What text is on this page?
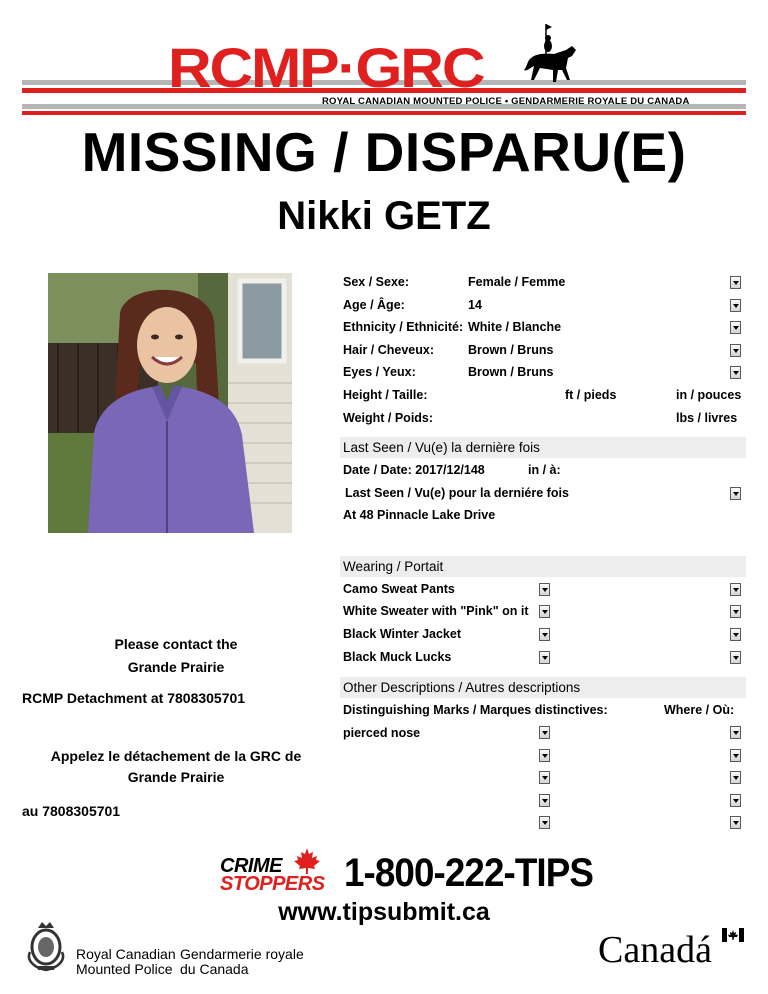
RCMP·GRC
ROYAL CANADIAN MOUNTED POLICE • GENDARMERIE ROYALE DU CANADA
MISSING / DISPARU(E)
Nikki GETZ
Please contact the
Grande Prairie
RCMP Detachment at 7808305701
Appelez le détachement de la GRC de
Grande Prairie
au 7808305701
Sex / Sexe:	Female / Femme
Age / Âge:	14
Ethnicity / Ethnicité: White / Blanche
Hair / Cheveux:	Brown / Bruns
Eyes / Yeux:	Brown / Bruns
Height / Taille:	ft / pieds	in / pouces
Weight / Poids:	lbs / livres
Last Seen / Vu(e) la dernière fois
Date / Date: 2017/12/148	in / à:
Last Seen / Vu(e) pour la derniére fois
At 48 Pinnacle Lake Drive
Wearing / Portait
Camo Sweat Pants
White Sweater with "Pink" on it
Black Winter Jacket
Black Muck Lucks
Other Descriptions / Autres descriptions
Distinguishing Marks / Marques distinctives:	Where / Où:
pierced nose
CRIME
STOPPERS 1-800-222-TIPS
www.tipsubmit.ca
Royal Canadian
Mounted Police
Gendarmerie royale
du Canada	Canadá
